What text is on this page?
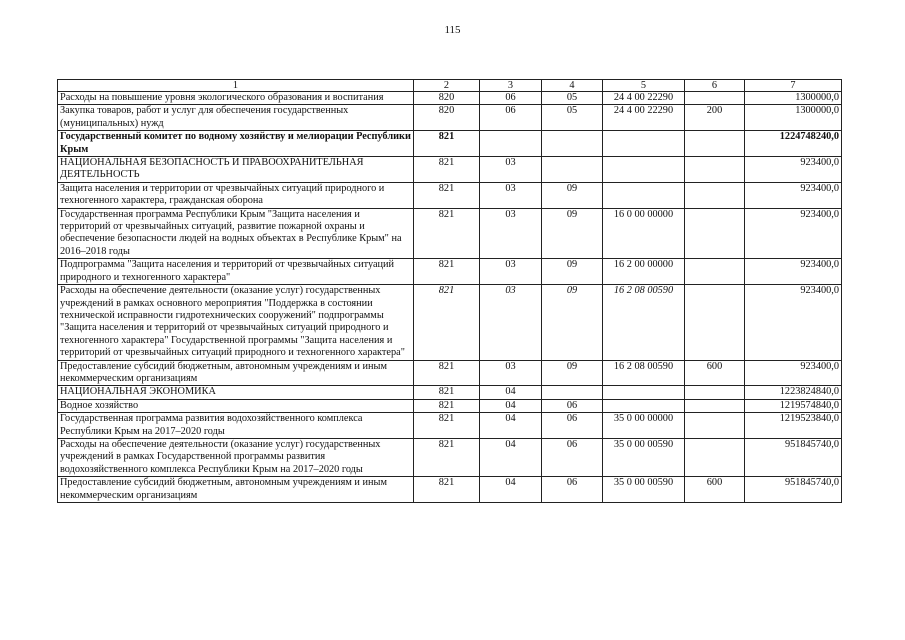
115
1	2	3	4	5	6	7
Расходы на повышение уровня экологического образования и воспитания	820	06	05	24 4 00 22290		1300000,0
Закупка товаров, работ и услуг для обеспечения государственных (муниципальных) нужд	820	06	05	24 4 00 22290	200	1300000,0
Государственный комитет по водному хозяйству и мелиорации Республики Крым	821					1224748240,0
НАЦИОНАЛЬНАЯ БЕЗОПАСНОСТЬ И ПРАВООХРАНИТЕЛЬНАЯ ДЕЯТЕЛЬНОСТЬ	821	03				923400,0
Защита населения и территории от чрезвычайных ситуаций природного и техногенного характера, гражданская оборона	821	03	09			923400,0
Государственная программа Республики Крым "Защита населения и территорий от чрезвычайных ситуаций, развитие пожарной охраны и обеспечение безопасности людей на водных объектах в Республике Крым" на 2016–2018 годы	821	03	09	16 0 00 00000		923400,0
Подпрограмма "Защита населения и территорий от чрезвычайных ситуаций природного и техногенного характера"	821	03	09	16 2 00 00000		923400,0
Расходы на обеспечение деятельности (оказание услуг) государственных учреждений в рамках основного мероприятия "Поддержка в состоянии технической исправности гидротехнических сооружений" подпрограммы "Защита населения и территорий от чрезвычайных ситуаций природного и техногенного характера" Государственной программы "Защита населения и территорий от чрезвычайных ситуаций природного и техногенного характера"	821	03	09	16 2 08 00590		923400,0
Предоставление субсидий бюджетным, автономным учреждениям и иным некоммерческим организациям	821	03	09	16 2 08 00590	600	923400,0
НАЦИОНАЛЬНАЯ ЭКОНОМИКА	821	04				1223824840,0
Водное хозяйство	821	04	06			1219574840,0
Государственная программа развития водохозяйственного комплекса Республики Крым на 2017–2020 годы	821	04	06	35 0 00 00000		1219523840,0
Расходы на обеспечение деятельности (оказание услуг) государственных учреждений в рамках Государственной программы развития водохозяйственного комплекса Республики Крым на 2017–2020 годы	821	04	06	35 0 00 00590		951845740,0
Предоставление субсидий бюджетным, автономным учреждениям и иным некоммерческим организациям	821	04	06	35 0 00 00590	600	951845740,0
